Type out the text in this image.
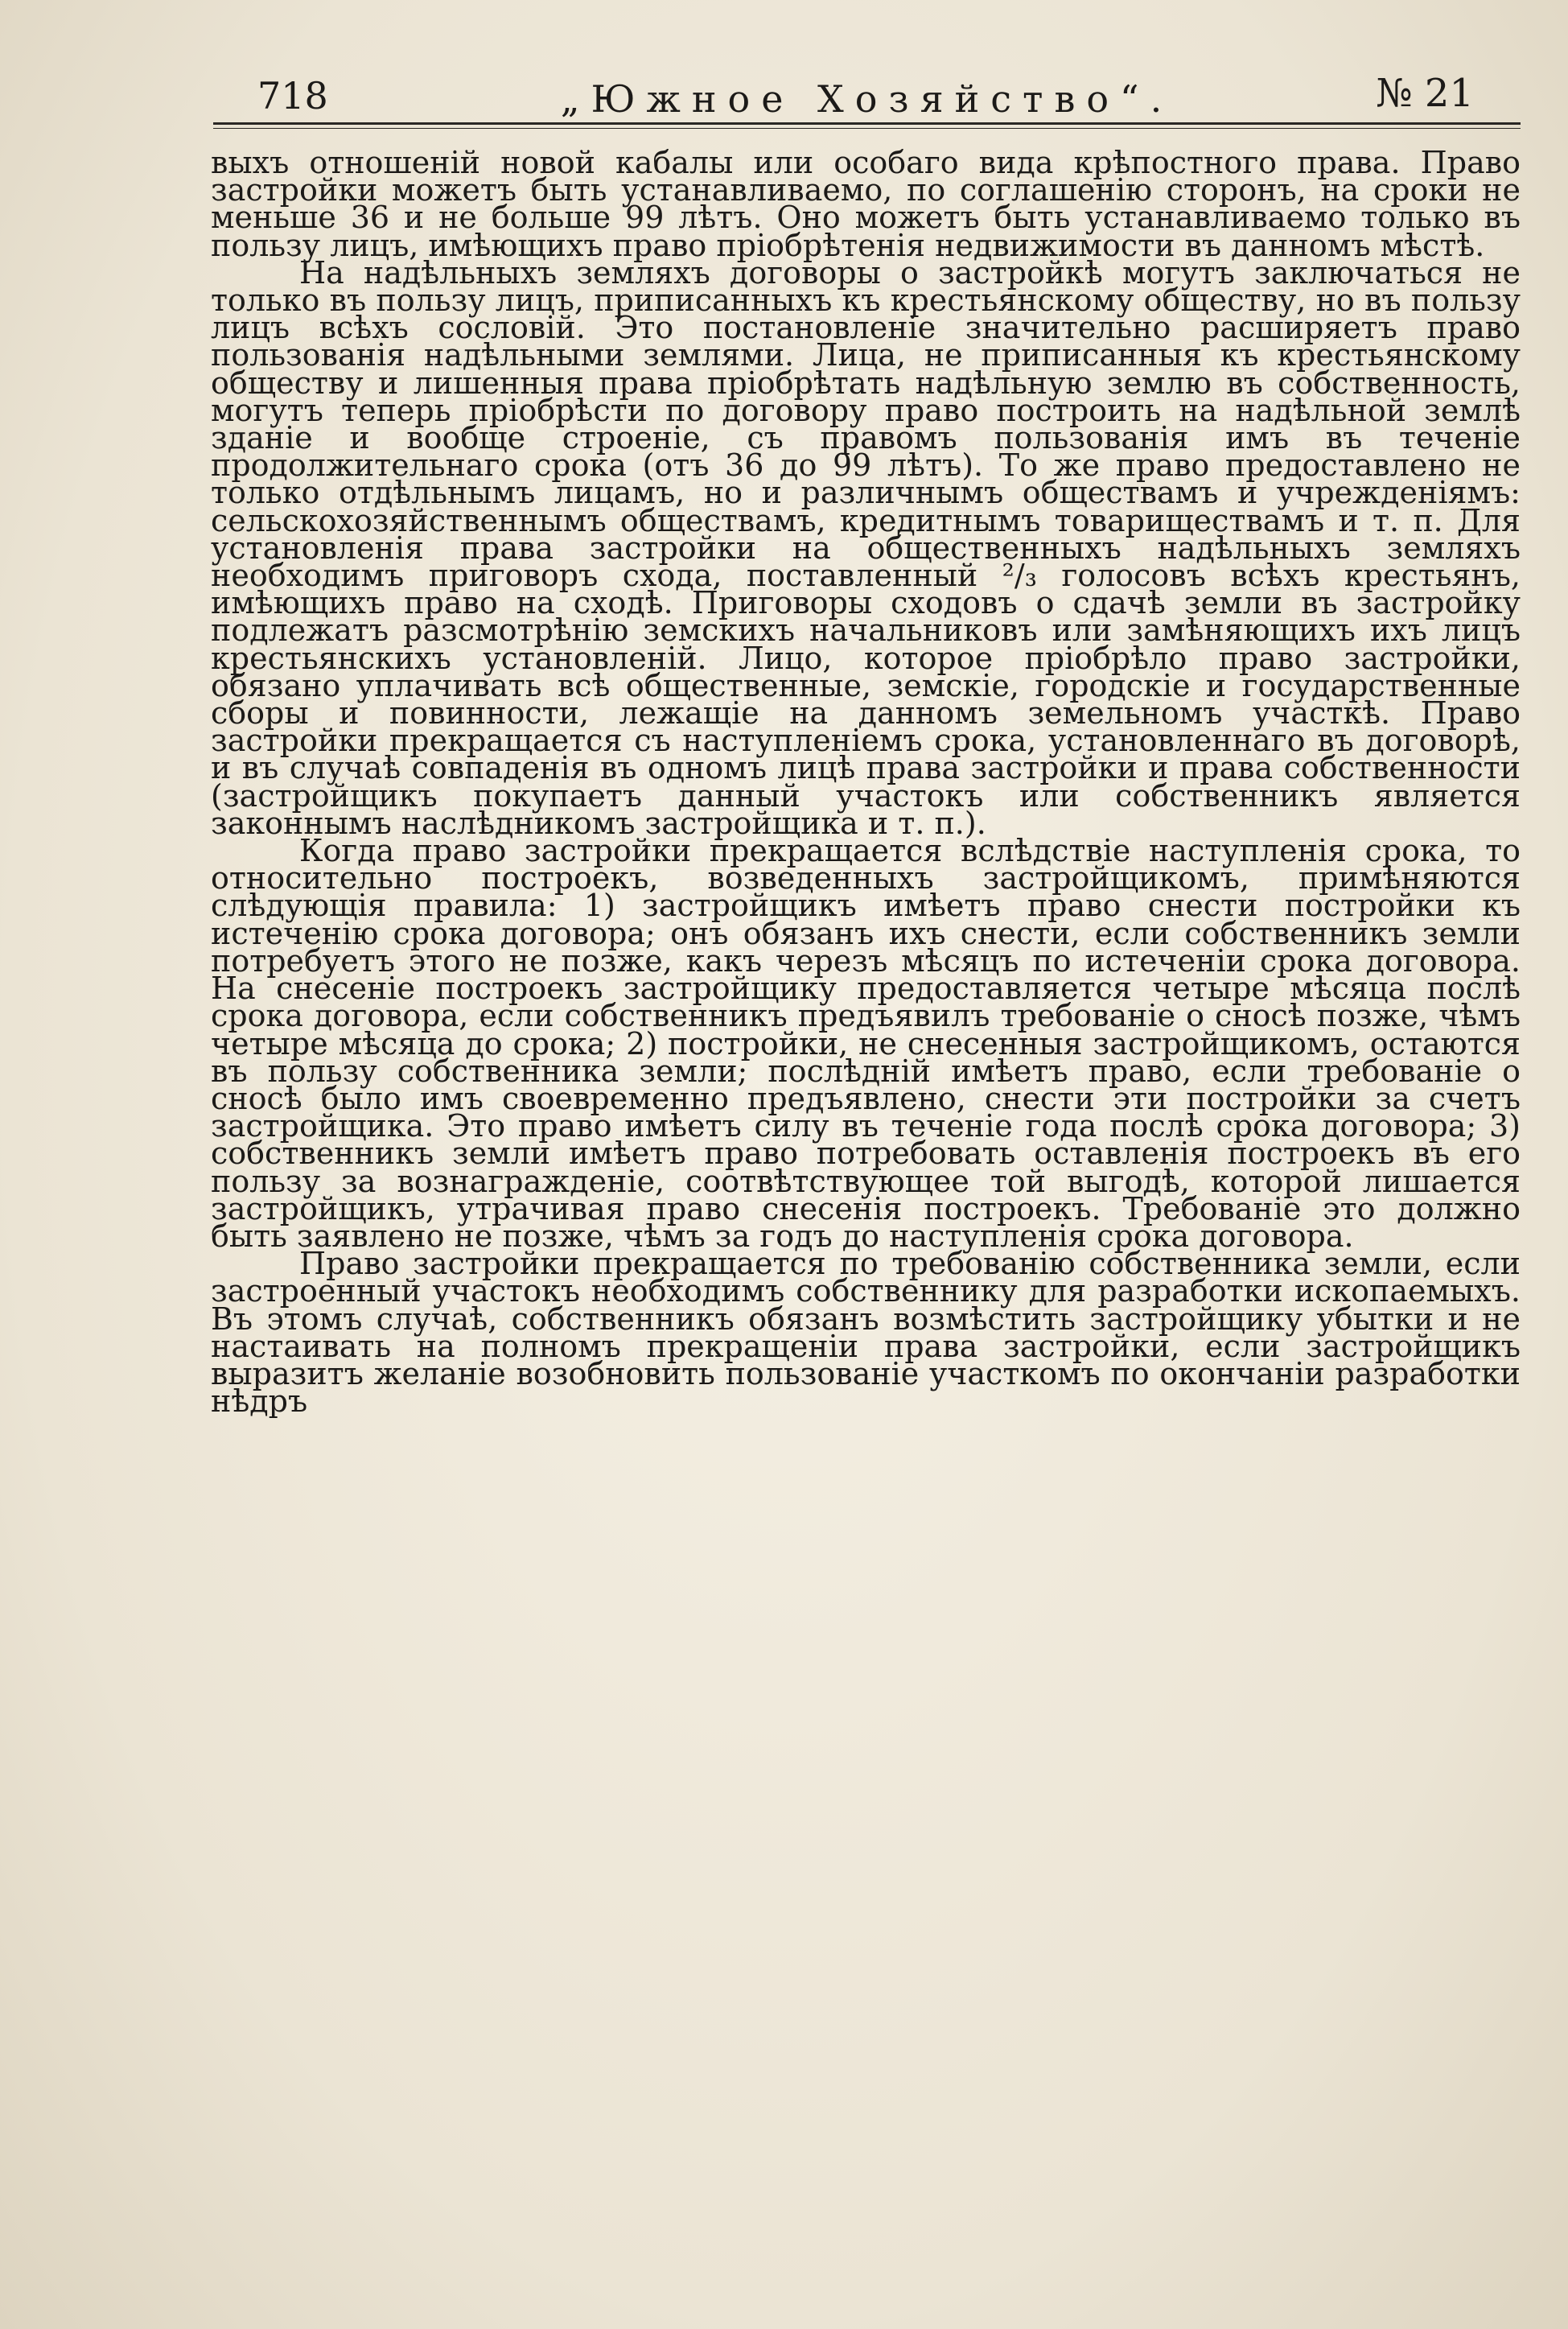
718	„Южное Хозяйство“.	№ 21

выхъ отношеній новой кабалы или особаго вида крѣпостного права. Право застройки можетъ быть устанавливаемо, по соглашенію сторонъ, на сроки не меньше 36 и не больше 99 лѣтъ. Оно можетъ быть устанавливаемо только въ пользу лицъ, имѣющихъ право пріобрѣтенія недвижимости въ данномъ мѣстѣ.

На надѣльныхъ земляхъ договоры о застройкѣ могутъ заключаться не только въ пользу лицъ, приписанныхъ къ крестьянскому обществу, но въ пользу лицъ всѣхъ сословій. Это постановленіе значительно расширяетъ право пользованія надѣльными землями. Лица, не приписанныя къ крестьянскому обществу и лишенныя права пріобрѣтать надѣльную землю въ собственность, могутъ теперь пріобрѣсти по договору право построить на надѣльной землѣ зданіе и вообще строеніе, съ правомъ пользованія имъ въ теченіе продолжительнаго срока (отъ 36 до 99 лѣтъ). То же право предоставлено не только отдѣльнымъ лицамъ, но и различнымъ обществамъ и учрежденіямъ: сельскохозяйственнымъ обществамъ, кредитнымъ товариществамъ и т. п. Для установленія права застройки на общественныхъ надѣльныхъ земляхъ необходимъ приговоръ схода, поставленный ²/₃ голосовъ всѣхъ крестьянъ, имѣющихъ право на сходѣ. Приговоры сходовъ о сдачѣ земли въ застройку подлежатъ разсмотрѣнію земскихъ начальниковъ или замѣняющихъ ихъ лицъ крестьянскихъ установленій. Лицо, которое пріобрѣло право застройки, обязано уплачивать всѣ общественные, земскіе, городскіе и государственные сборы и повинности, лежащіе на данномъ земельномъ участкѣ. Право застройки прекращается съ наступленіемъ срока, установленнаго въ договорѣ, и въ случаѣ совпаденія въ одномъ лицѣ права застройки и права собственности (застройщикъ покупаетъ данный участокъ или собственникъ является законнымъ наслѣдникомъ застройщика и т. п.).

Когда право застройки прекращается вслѣдствіе наступленія срока, то относительно построекъ, возведенныхъ застройщикомъ, примѣняются слѣдующія правила: 1) застройщикъ имѣетъ право снести постройки къ истеченію срока договора; онъ обязанъ ихъ снести, если собственникъ земли потребуетъ этого не позже, какъ черезъ мѣсяцъ по истеченіи срока договора. На снесеніе построекъ застройщику предоставляется четыре мѣсяца послѣ срока договора, если собственникъ предъявилъ требованіе о сносѣ позже, чѣмъ четыре мѣсяца до срока; 2) постройки, не снесенныя застройщикомъ, остаются въ пользу собственника земли; послѣдній имѣетъ право, если требованіе о сносѣ было имъ своевременно предъявлено, снести эти постройки за счетъ застройщика. Это право имѣетъ силу въ теченіе года послѣ срока договора; 3) собственникъ земли имѣетъ право потребовать оставленія построекъ въ его пользу за вознагражденіе, соотвѣтствующее той выгодѣ, которой лишается застройщикъ, утрачивая право снесенія построекъ. Требованіе это должно быть заявлено не позже, чѣмъ за годъ до наступленія срока договора.

Право застройки прекращается по требованію собственника земли, если застроенный участокъ необходимъ собственнику для разработки ископаемыхъ. Въ этомъ случаѣ, собственникъ обязанъ возмѣстить застройщику убытки и не настаивать на полномъ прекращеніи права застройки, если застройщикъ выразитъ желаніе возобновить пользованіе участкомъ по окончаніи разработки нѣдръ
